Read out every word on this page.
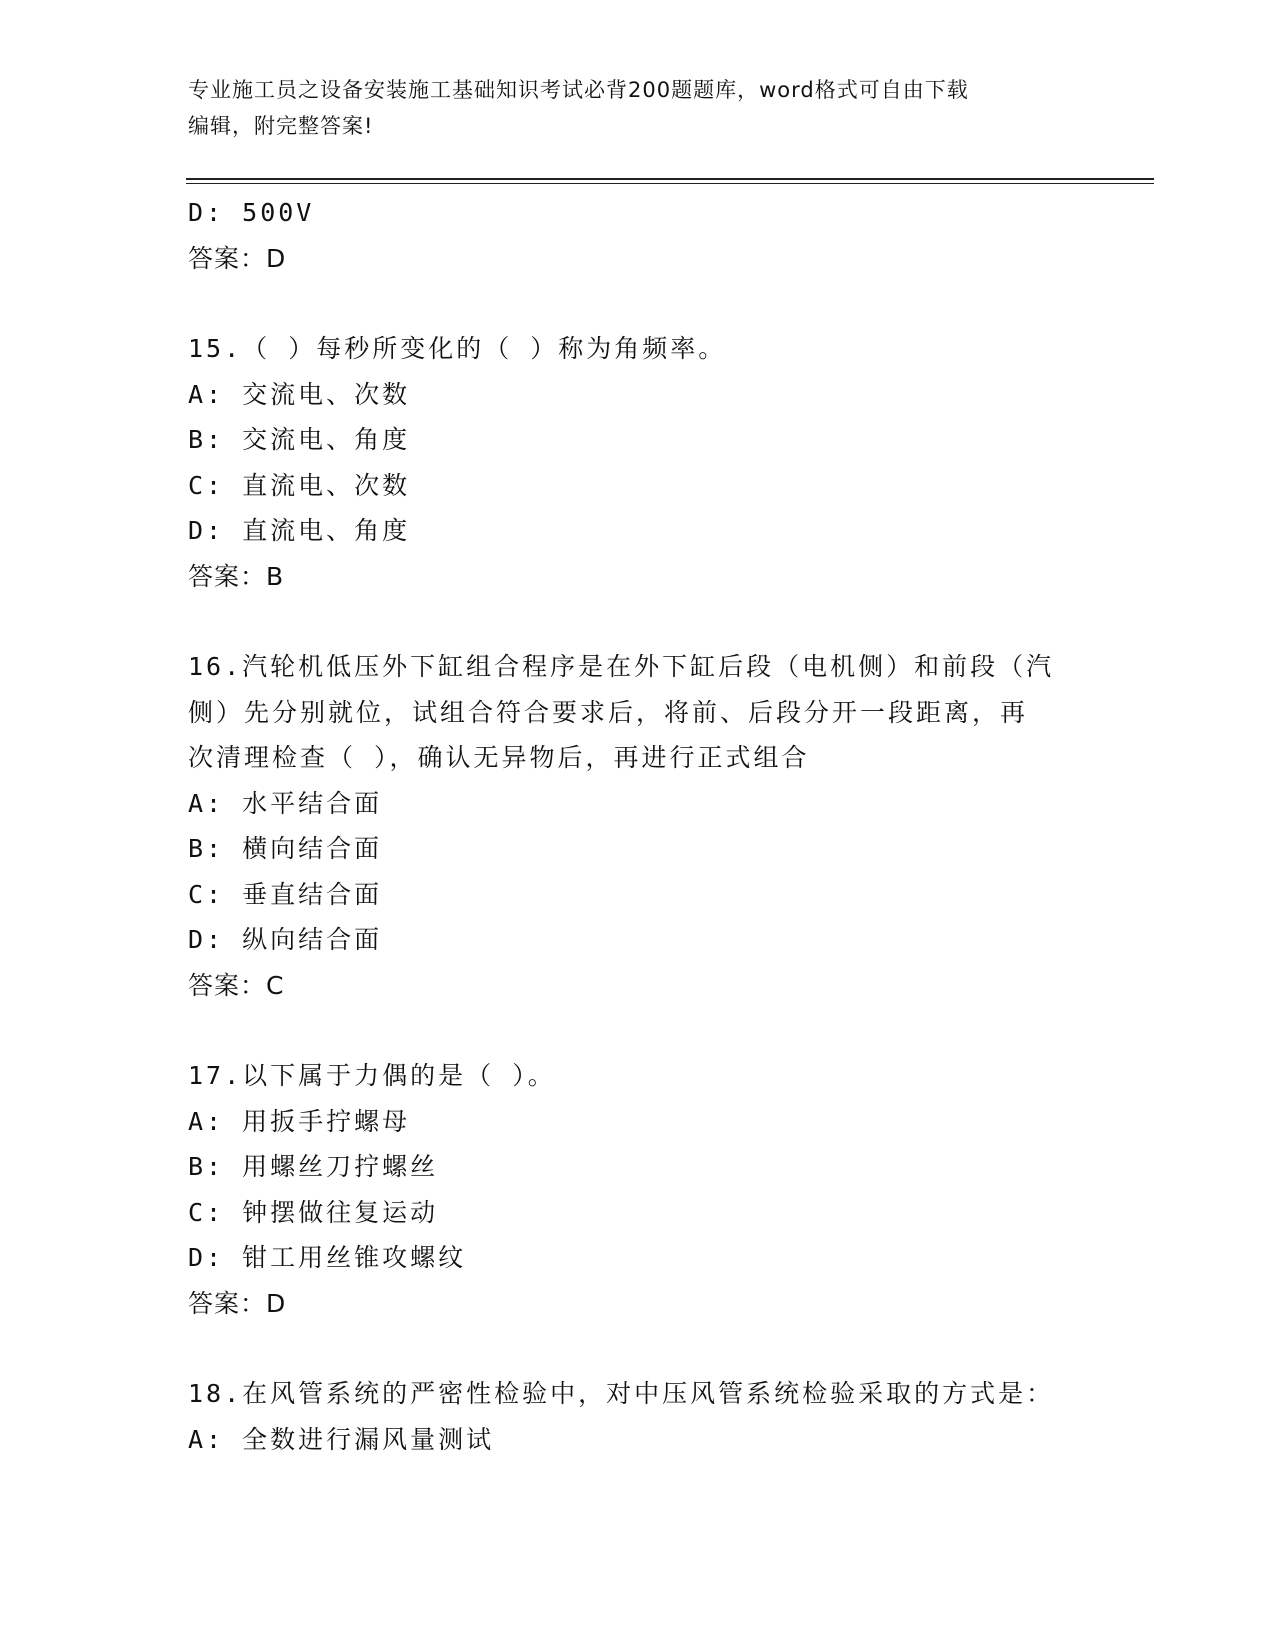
专业施工员之设备安装施工基础知识考试必背200题题库，word格式可自由下载
编辑，附完整答案!
D: 500V
答案：D
15.（ ）每秒所变化的（ ）称为角频率。
A: 交流电、次数
B: 交流电、角度
C: 直流电、次数
D: 直流电、角度
答案：B
16.汽轮机低压外下缸组合程序是在外下缸后段（电机侧）和前段（汽
侧）先分别就位，试组合符合要求后，将前、后段分开一段距离，再
次清理检查（ ），确认无异物后，再进行正式组合
A: 水平结合面
B: 横向结合面
C: 垂直结合面
D: 纵向结合面
答案：C
17.以下属于力偶的是（ ）。
A: 用扳手拧螺母
B: 用螺丝刀拧螺丝
C: 钟摆做往复运动
D: 钳工用丝锥攻螺纹
答案：D
18.在风管系统的严密性检验中，对中压风管系统检验采取的方式是：
A: 全数进行漏风量测试
